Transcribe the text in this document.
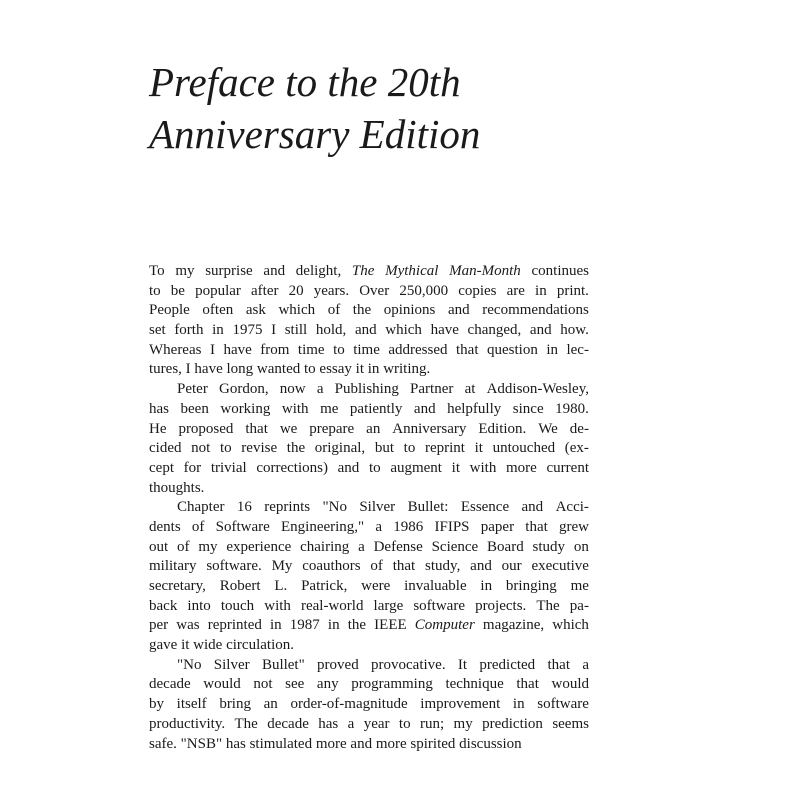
Preface to the 20th
Anniversary Edition
To my surprise and delight, The Mythical Man-Month continues
to be popular after 20 years. Over 250,000 copies are in print.
People often ask which of the opinions and recommendations
set forth in 1975 I still hold, and which have changed, and how.
Whereas I have from time to time addressed that question in lec-
tures, I have long wanted to essay it in writing.
Peter Gordon, now a Publishing Partner at Addison-Wesley,
has been working with me patiently and helpfully since 1980.
He proposed that we prepare an Anniversary Edition. We de-
cided not to revise the original, but to reprint it untouched (ex-
cept for trivial corrections) and to augment it with more current
thoughts.
Chapter 16 reprints "No Silver Bullet: Essence and Acci-
dents of Software Engineering," a 1986 IFIPS paper that grew
out of my experience chairing a Defense Science Board study on
military software. My coauthors of that study, and our executive
secretary, Robert L. Patrick, were invaluable in bringing me
back into touch with real-world large software projects. The pa-
per was reprinted in 1987 in the IEEE Computer magazine, which
gave it wide circulation.
"No Silver Bullet" proved provocative. It predicted that a
decade would not see any programming technique that would
by itself bring an order-of-magnitude improvement in software
productivity. The decade has a year to run; my prediction seems
safe. "NSB" has stimulated more and more spirited discussion
